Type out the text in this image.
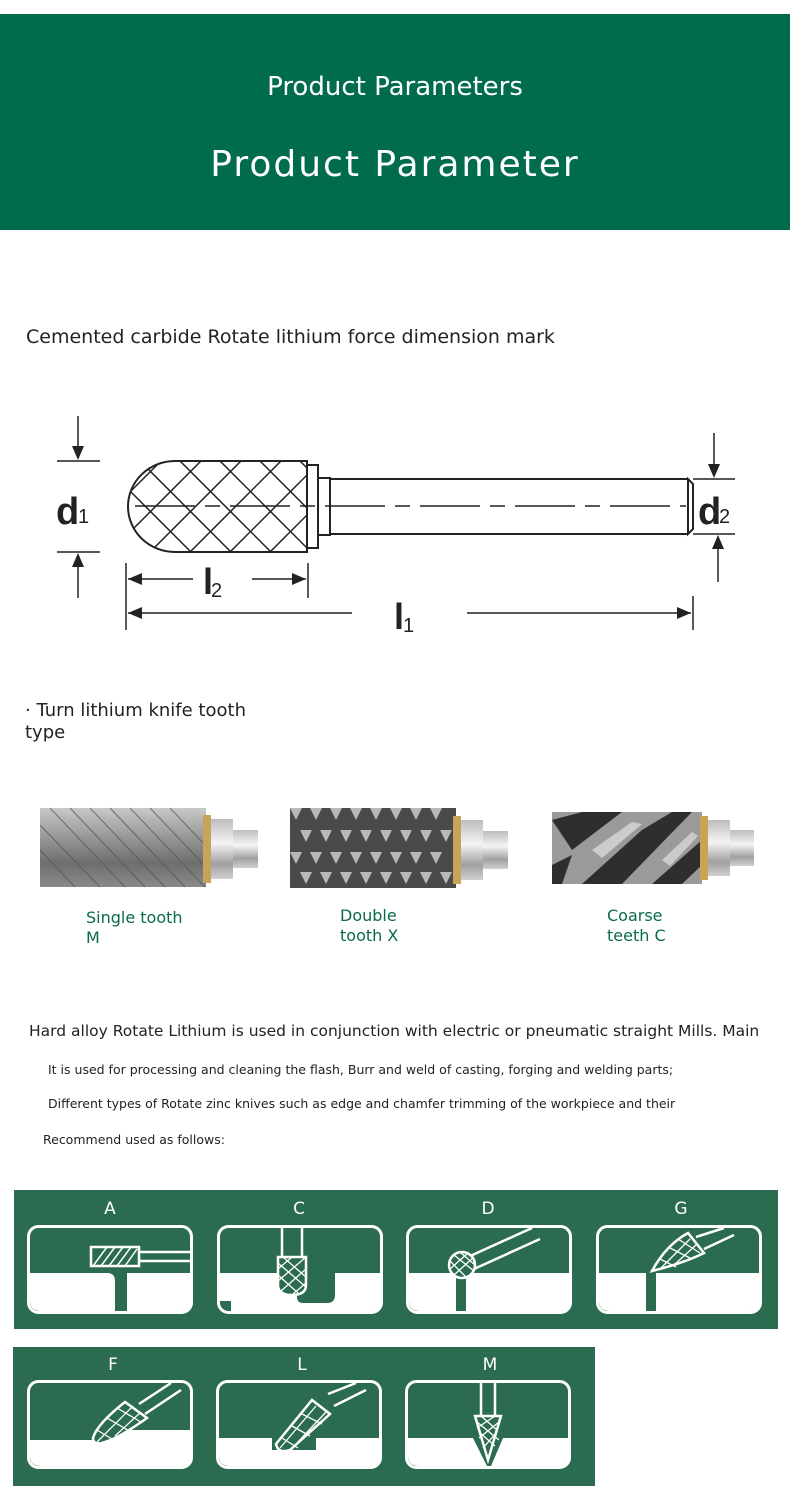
Product Parameters
Product Parameter
Cemented carbide Rotate lithium force dimension mark
d
1	d
2
l
2
l
1
· Turn lithium knife tooth type
Single tooth
M
Double
tooth X
Coarse
teeth C
Hard alloy Rotate Lithium is used in conjunction with electric or pneumatic straight Mills. Main
It is used for processing and cleaning the flash, Burr and weld of casting, forging and welding parts;
Different types of Rotate zinc knives such as edge and chamfer trimming of the workpiece and their
Recommend used as follows:
A	C	D	G
F	L	M
